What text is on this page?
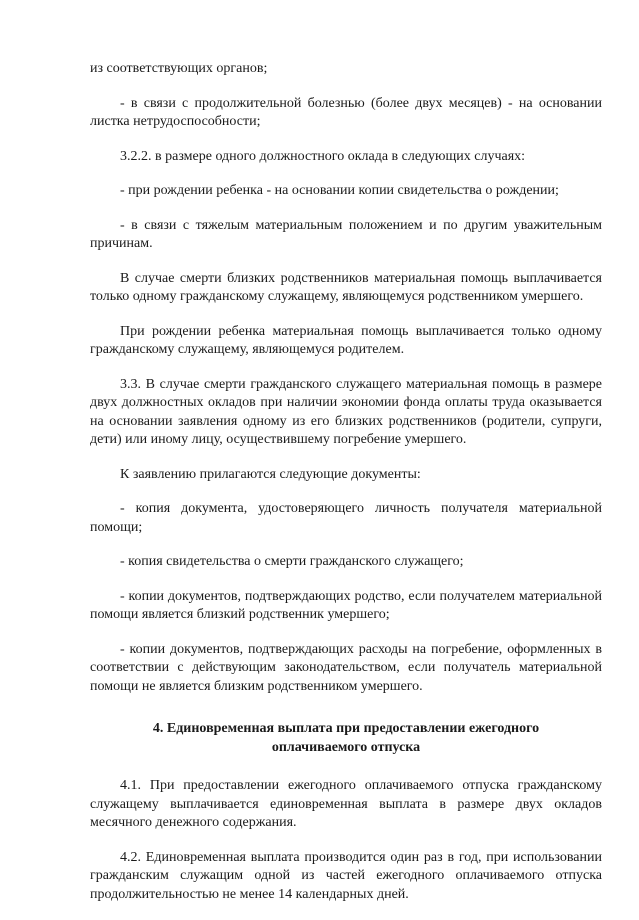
из соответствующих органов;

- в связи с продолжительной болезнью (более двух месяцев) - на основании листка нетрудоспособности;

3.2.2. в размере одного должностного оклада в следующих случаях:

- при рождении ребенка - на основании копии свидетельства о рождении;

- в связи с тяжелым материальным положением и по другим уважительным причинам.

В случае смерти близких родственников материальная помощь выплачивается только одному гражданскому служащему, являющемуся родственником умершего.

При рождении ребенка материальная помощь выплачивается только одному гражданскому служащему, являющемуся родителем.

3.3. В случае смерти гражданского служащего материальная помощь в размере двух должностных окладов при наличии экономии фонда оплаты труда оказывается на основании заявления одному из его близких родственников (родители, супруги, дети) или иному лицу, осуществившему погребение умершего.

К заявлению прилагаются следующие документы:

- копия документа, удостоверяющего личность получателя материальной помощи;

- копия свидетельства о смерти гражданского служащего;

- копии документов, подтверждающих родство, если получателем материальной помощи является близкий родственник умершего;

- копии документов, подтверждающих расходы на погребение, оформленных в соответствии с действующим законодательством, если получатель материальной помощи не является близким родственником умершего.

4. Единовременная выплата при предоставлении ежегодного
оплачиваемого отпуска

4.1. При предоставлении ежегодного оплачиваемого отпуска гражданскому служащему выплачивается единовременная выплата в размере двух окладов месячного денежного содержания.

4.2. Единовременная выплата производится один раз в год, при использовании гражданским служащим одной из частей ежегодного оплачиваемого отпуска продолжительностью не менее 14 календарных дней.
